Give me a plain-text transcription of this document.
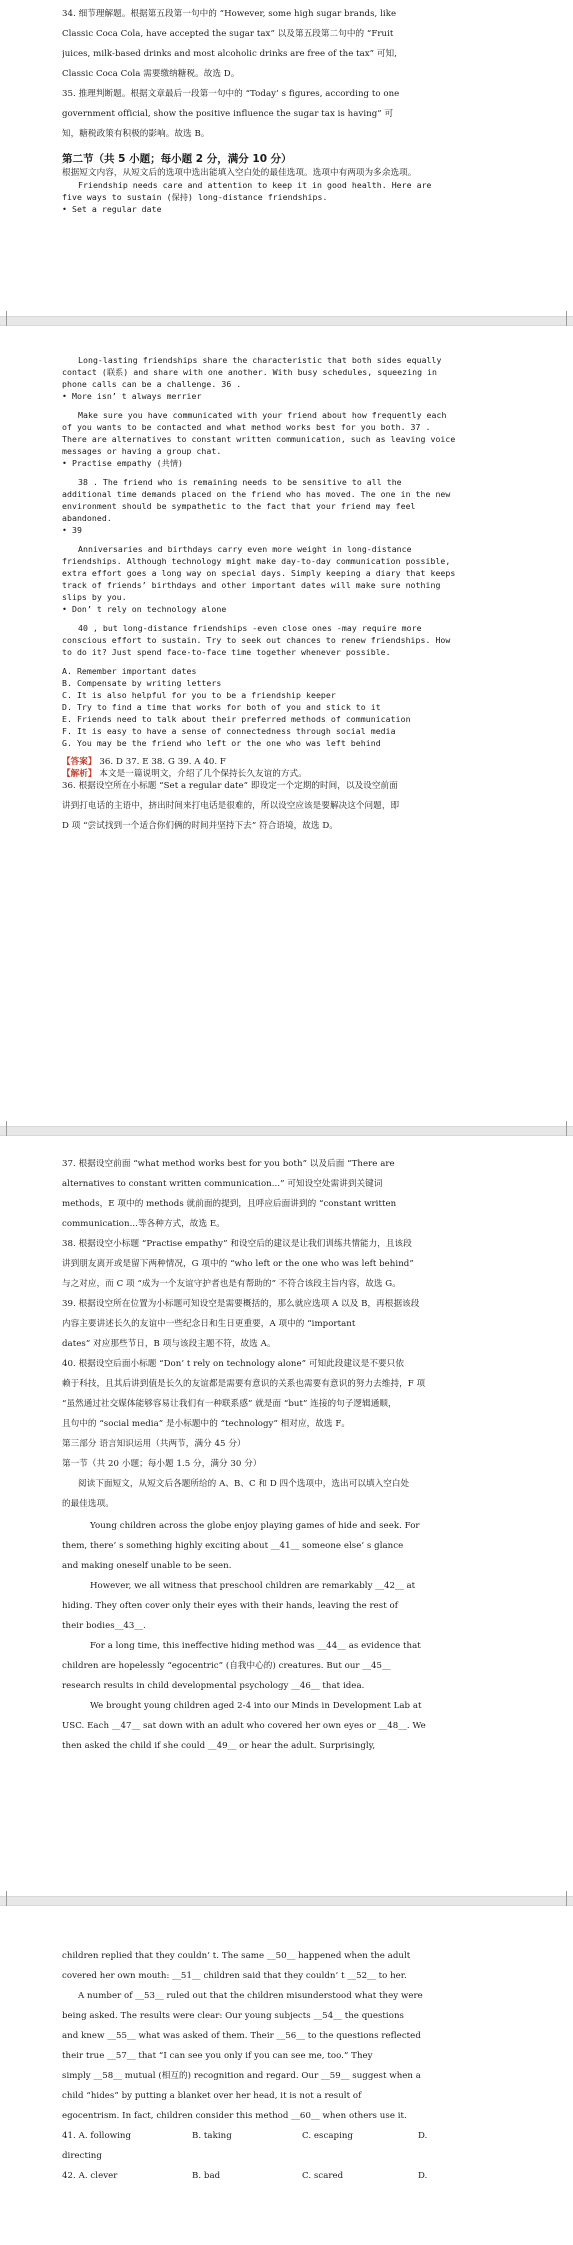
34. 细节理解题。根据第五段第一句中的 “However, some high sugar brands, like
Classic Coca Cola, have accepted the sugar tax” 以及第五段第二句中的 “Fruit
juices, milk-based drinks and most alcoholic drinks are free of the tax” 可知,
Classic Coca Cola 需要缴纳糖税。故选 D。
35. 推理判断题。根据文章最后一段第一句中的 “Today’ s figures, according to one
government official, show the positive influence the sugar tax is having” 可
知，糖税政策有积极的影响。故选 B。
第二节（共 5 小题；每小题 2 分，满分 10 分）
根据短文内容，从短文后的选项中选出能填入空白处的最佳选项。选项中有两项为多余选项。
Friendship needs care and attention to keep it in good health. Here are
five ways to sustain (保持) long-distance friendships.
• Set a regular date
Long-lasting friendships share the characteristic that both sides equally
contact (联系) and share with one another. With busy schedules, squeezing in
phone calls can be a challenge. 36 .
• More isn’ t always merrier
Make sure you have communicated with your friend about how frequently each
of you wants to be contacted and what method works best for you both. 37 .
There are alternatives to constant written communication, such as leaving voice
messages or having a group chat.
• Practise empathy (共情)
38 . The friend who is remaining needs to be sensitive to all the
additional time demands placed on the friend who has moved. The one in the new
environment should be sympathetic to the fact that your friend may feel
abandoned.
• 39
Anniversaries and birthdays carry even more weight in long-distance
friendships. Although technology might make day-to-day communication possible,
extra effort goes a long way on special days. Simply keeping a diary that keeps
track of friends’ birthdays and other important dates will make sure nothing
slips by you.
• Don’ t rely on technology alone
40 , but long-distance friendships -even close ones -may require more
conscious effort to sustain. Try to seek out chances to renew friendships. How
to do it? Just spend face-to-face time together whenever possible.
A. Remember important dates
B. Compensate by writing letters
C. It is also helpful for you to be a friendship keeper
D. Try to find a time that works for both of you and stick to it
E. Friends need to talk about their preferred methods of communication
F. It is easy to have a sense of connectedness through social media
G. You may be the friend who left or the one who was left behind
【答案】 36. D 37. E 38. G 39. A 40. F
【解析】 本文是一篇说明文，介绍了几个保持长久友谊的方式。
36. 根据设空所在小标题 “Set a regular date” 即设定一个定期的时间，以及设空前面
讲到打电话的主语中，挤出时间来打电话是很难的，所以设空应该是要解决这个问题，即
D 项 “尝试找到一个适合你们俩的时间并坚持下去” 符合语境，故选 D。
37. 根据设空前面 “what method works best for you both” 以及后面 “There are
alternatives to constant written communication...” 可知设空处需讲到关键词
methods，E 项中的 methods 就前面的提到，且呼应后面讲到的 “constant written
communication...等各种方式，故选 E。
38. 根据设空小标题 “Practise empathy” 和设空后的建议是让我们训练共情能力，且该段
讲到朋友离开或是留下两种情况，G 项中的 “who left or the one who was left behind”
与之对应，而 C 项 “成为一个友谊守护者也是有帮助的” 不符合该段主旨内容，故选 G。
39. 根据设空所在位置为小标题可知设空是需要概括的，那么就应选项 A 以及 B，再根据该段
内容主要讲述长久的友谊中一些纪念日和生日更重要，A 项中的 “important
dates” 对应那些节日，B 项与该段主题不符，故选 A。
40. 根据设空后面小标题 “Don’ t rely on technology alone” 可知此段建议是不要只依
赖于科技，且其后讲到值是长久的友谊都是需要有意识的关系也需要有意识的努力去维持，F 项
“虽然通过社交媒体能够容易让我们有一种联系感” 就是面 “but” 连接的句子逻辑通顺，
且句中的 “social media” 是小标题中的 “technology” 相对应，故选 F。
第三部分 语言知识运用（共两节，满分 45 分）
第一节（共 20 小题；每小题 1.5 分，满分 30 分）
阅读下面短文，从短文后各题所给的 A、B、C 和 D 四个选项中，选出可以填入空白处
的最佳选项。
Young children across the globe enjoy playing games of hide and seek. For
them, there’ s something highly exciting about __41__ someone else’ s glance
and making oneself unable to be seen.
However, we all witness that preschool children are remarkably __42__ at
hiding. They often cover only their eyes with their hands, leaving the rest of
their bodies__43__.
For a long time, this ineffective hiding method was __44__ as evidence that
children are hopelessly “egocentric” (自我中心的) creatures. But our __45__
research results in child developmental psychology __46__ that idea.
We brought young children aged 2-4 into our Minds in Development Lab at
USC. Each __47__ sat down with an adult who covered her own eyes or __48__. We
then asked the child if she could __49__ or hear the adult. Surprisingly,
children replied that they couldn’ t. The same __50__ happened when the adult
covered her own mouth: __51__ children said that they couldn’ t __52__ to her.
A number of __53__ ruled out that the children misunderstood what they were
being asked. The results were clear: Our young subjects __54__ the questions
and knew __55__ what was asked of them. Their __56__ to the questions reflected
their true __57__ that “I can see you only if you can see me, too.” They
simply __58__ mutual (相互的) recognition and regard. Our __59__ suggest when a
child “hides” by putting a blanket over her head, it is not a result of
egocentrism. In fact, children consider this method __60__ when others use it.
41. A. following	B. taking	C. escaping	D.
directing
42. A. clever	B. bad	C. scared	D.
